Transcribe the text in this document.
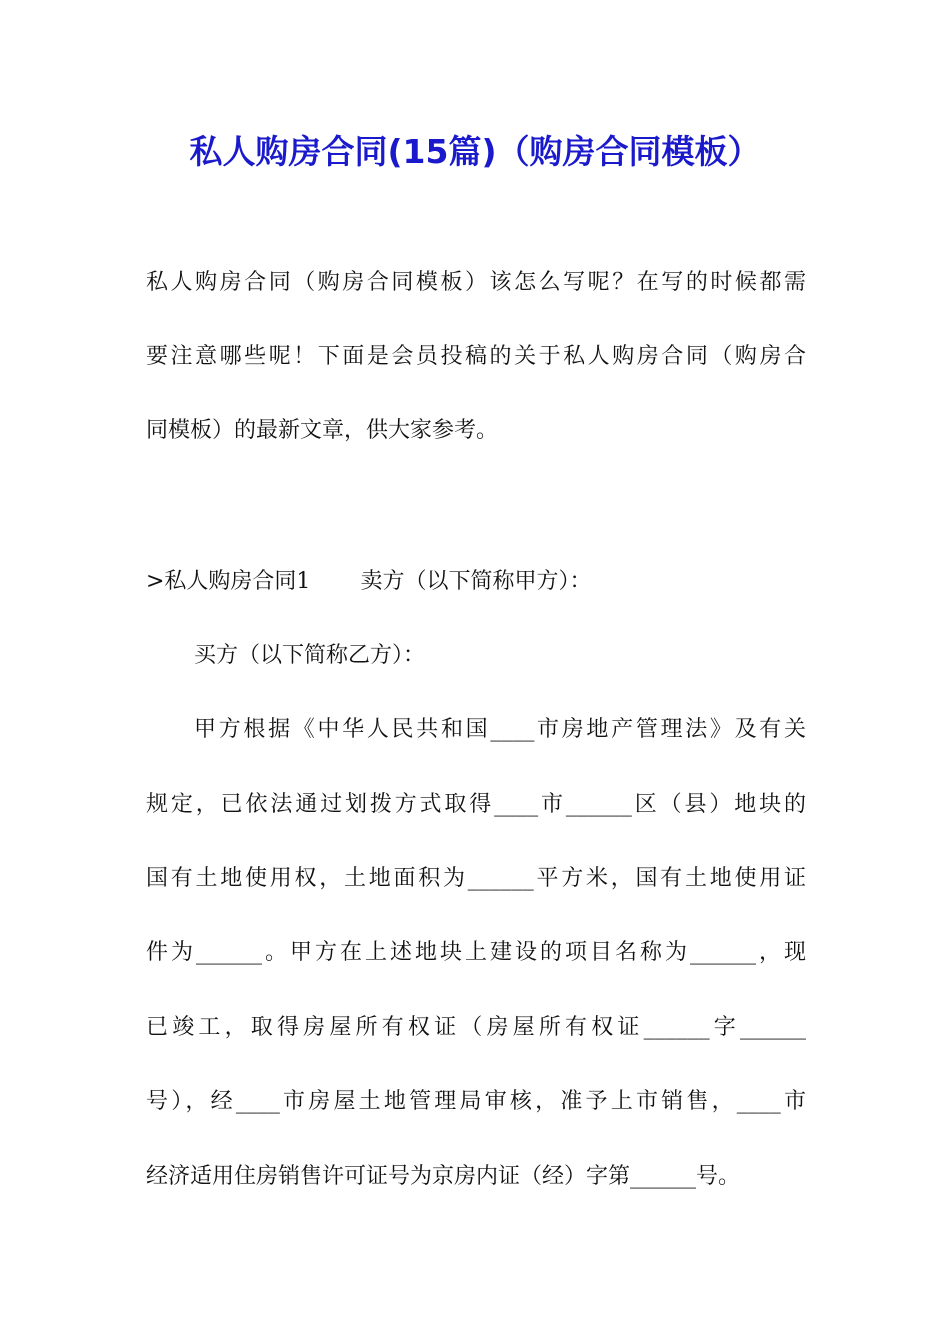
私人购房合同(15篇)（购房合同模板）

私人购房合同（购房合同模板）该怎么写呢？在写的时候都需

要注意哪些呢！下面是会员投稿的关于私人购房合同（购房合

同模板）的最新文章，供大家参考。

>私人购房合同1 卖方（以下简称甲方）：

买方（以下简称乙方）：

甲方根据《中华人民共和国____市房地产管理法》及有关

规定，已依法通过划拨方式取得____市______区（县）地块的

国有土地使用权，土地面积为______平方米，国有土地使用证

件为______。甲方在上述地块上建设的项目名称为______，现

已竣工，取得房屋所有权证（房屋所有权证______字______

号），经____市房屋土地管理局审核，准予上市销售，____市

经济适用住房销售许可证号为京房内证（经）字第______号。
